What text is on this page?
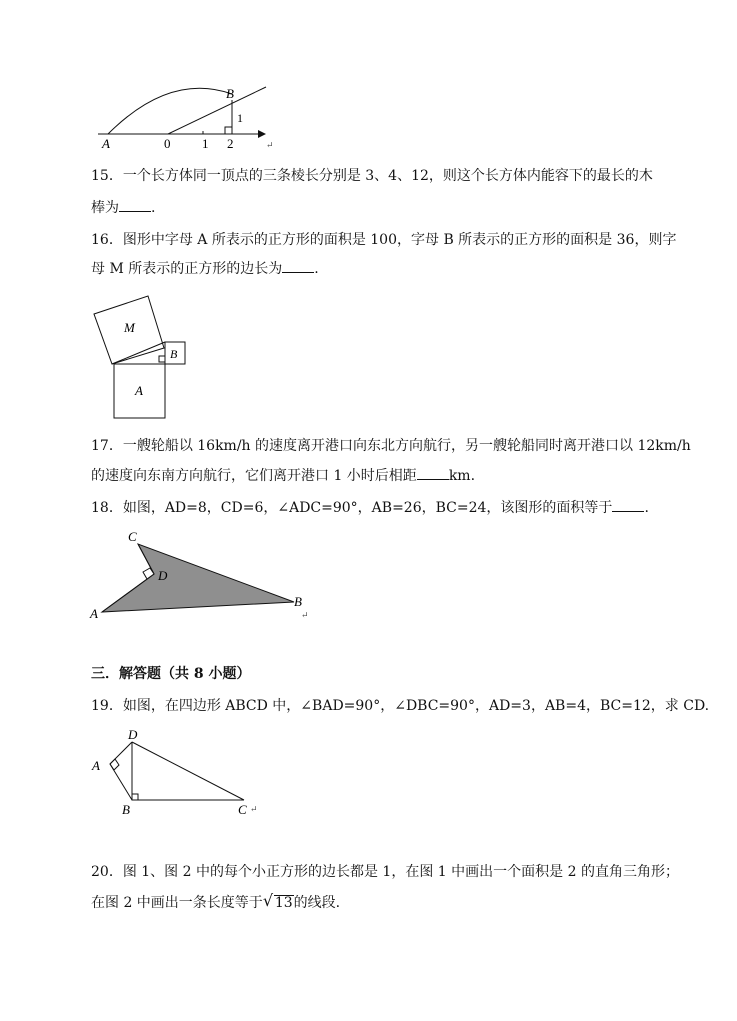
A	0 1 2
B
1
↵
15．一个长方体同一顶点的三条棱长分别是 3、4、12，则这个长方体内能容下的最长的木
棒为 .
16．图形中字母 A 所表示的正方形的面积是 100，字母 B 所表示的正方形的面积是 36，则字
母 M 所表示的正方形的边长为 .
M
B
A
17．一艘轮船以 16km/h 的速度离开港口向东北方向航行，另一艘轮船同时离开港口以 12km/h
的速度向东南方向航行，它们离开港口 1 小时后相距 km.
18．如图，AD=8，CD=6，∠ADC=90°，AB=26，BC=24，该图形的面积等于 .
C
D
A
B
↵
三．解答题（共 8 小题）
19．如图，在四边形 ABCD 中，∠BAD=90°，∠DBC=90°，AD=3，AB=4，BC=12，求 CD.
D
A
B	C ↵
20．图 1、图 2 中的每个小正方形的边长都是 1，在图 1 中画出一个面积是 2 的直角三角形；
在图 2 中画出一条长度等于 √ 13的线段.
